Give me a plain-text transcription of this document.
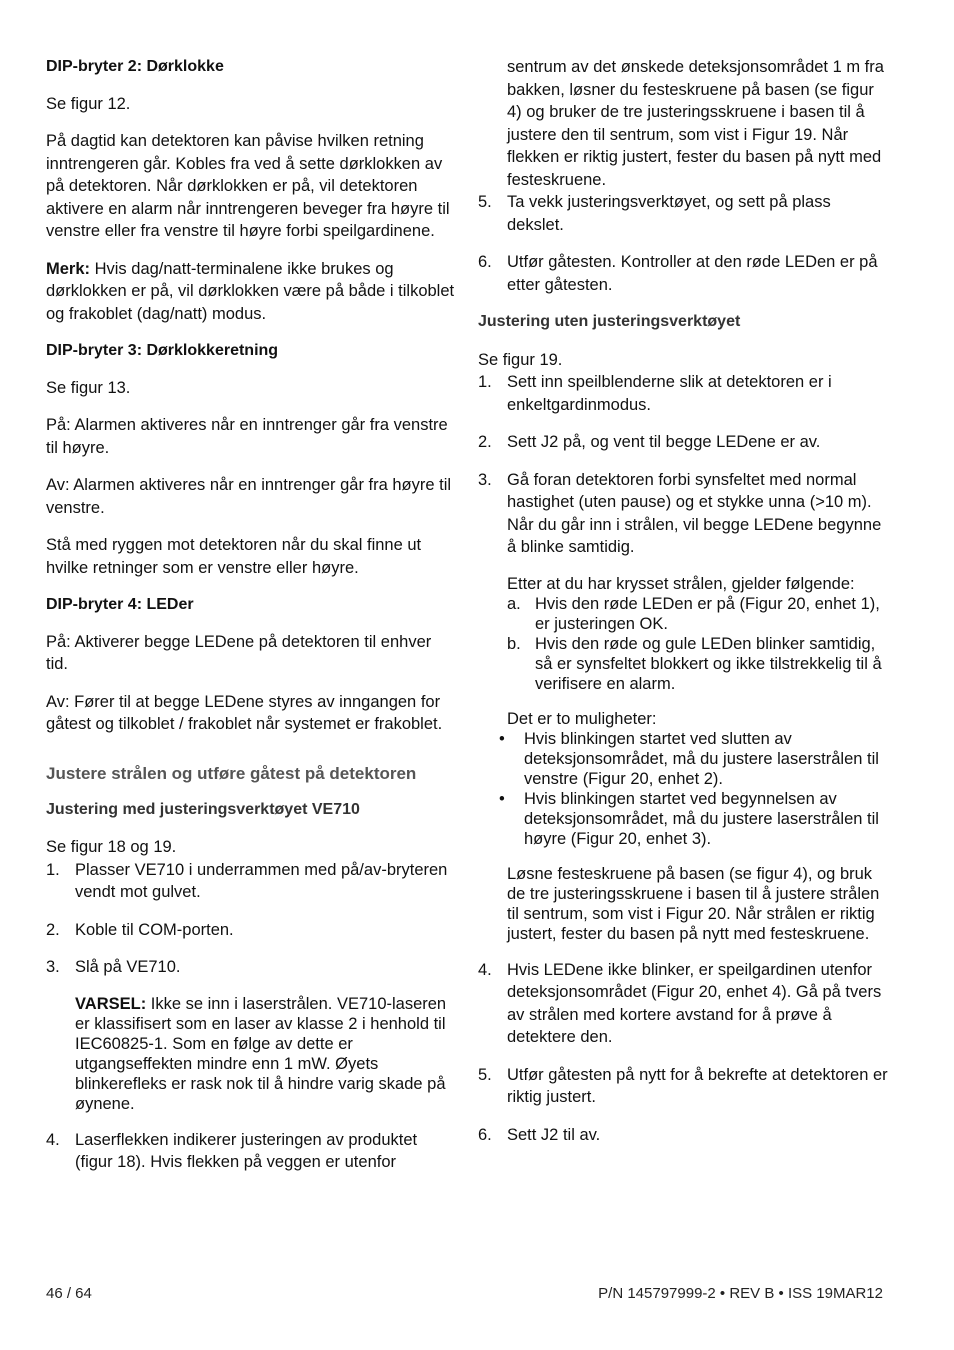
DIP-bryter 2: Dørklokke

Se figur 12.

På dagtid kan detektoren kan påvise hvilken retning inntrengeren går. Kobles fra ved å sette dørklokken av på detektoren. Når dørklokken er på, vil detektoren aktivere en alarm når inntrengeren beveger fra høyre til venstre eller fra venstre til høyre forbi speilgardinene.

Merk: Hvis dag/natt-terminalene ikke brukes og dørklokken er på, vil dørklokken være på både i tilkoblet og frakoblet (dag/natt) modus.

DIP-bryter 3: Dørklokkeretning

Se figur 13.

På: Alarmen aktiveres når en inntrenger går fra venstre til høyre.

Av: Alarmen aktiveres når en inntrenger går fra høyre til venstre.

Stå med ryggen mot detektoren når du skal finne ut hvilke retninger som er venstre eller høyre.

DIP-bryter 4: LEDer

På: Aktiverer begge LEDene på detektoren til enhver tid.

Av: Fører til at begge LEDene styres av inngangen for gåtest og tilkoblet / frakoblet når systemet er frakoblet.

Justere strålen og utføre gåtest på detektoren

Justering med justeringsverktøyet VE710

Se figur 18 og 19.

1. Plasser VE710 i underrammen med på/av-bryteren vendt mot gulvet.
2. Koble til COM-porten.
3. Slå på VE710.

VARSEL: Ikke se inn i laserstrålen. VE710-laseren er klassifisert som en laser av klasse 2 i henhold til IEC60825-1. Som en følge av dette er utgangseffekten mindre enn 1 mW. Øyets blinkerefleks er rask nok til å hindre varig skade på øynene.

4. Laserflekken indikerer justeringen av produktet (figur 18). Hvis flekken på veggen er utenfor

sentrum av det ønskede deteksjonsområdet 1 m fra bakken, løsner du festeskruene på basen (se figur 4) og bruker de tre justeringsskruene i basen til å justere den til sentrum, som vist i Figur 19. Når flekken er riktig justert, fester du basen på nytt med festeskruene.

5. Ta vekk justeringsverktøyet, og sett på plass dekslet.
6. Utfør gåtesten. Kontroller at den røde LEDen er på etter gåtesten.

Justering uten justeringsverktøyet

Se figur 19.

1. Sett inn speilblenderne slik at detektoren er i enkeltgardinmodus.
2. Sett J2 på, og vent til begge LEDene er av.
3. Gå foran detektoren forbi synsfeltet med normal hastighet (uten pause) og et stykke unna (>10 m). Når du går inn i strålen, vil begge LEDene begynne å blinke samtidig.

Etter at du har krysset strålen, gjelder følgende:

a. Hvis den røde LEDen er på (Figur 20, enhet 1), er justeringen OK.
b. Hvis den røde og gule LEDen blinker samtidig, så er synsfeltet blokkert og ikke tilstrekkelig til å verifisere en alarm.

Det er to muligheter:

• Hvis blinkingen startet ved slutten av deteksjonsområdet, må du justere laserstrålen til venstre (Figur 20, enhet 2).
• Hvis blinkingen startet ved begynnelsen av deteksjonsområdet, må du justere laserstrålen til høyre (Figur 20, enhet 3).

Løsne festeskruene på basen (se figur 4), og bruk de tre justeringsskruene i basen til å justere strålen til sentrum, som vist i Figur 20. Når strålen er riktig justert, fester du basen på nytt med festeskruene.

4. Hvis LEDene ikke blinker, er speilgardinen utenfor deteksjonsområdet (Figur 20, enhet 4). Gå på tvers av strålen med kortere avstand for å prøve å detektere den.
5. Utfør gåtesten på nytt for å bekrefte at detektoren er riktig justert.
6. Sett J2 til av.
46 / 64	P/N 145797999-2 • REV B • ISS 19MAR12
